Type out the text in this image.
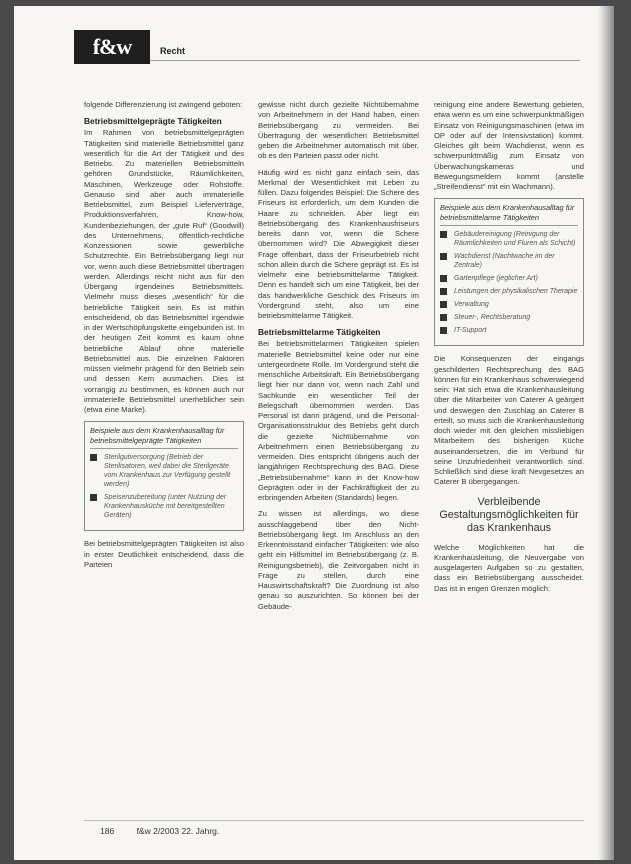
f&w	Recht

folgende Differenzierung ist zwingend geboten:

Betriebsmittelgeprägte Tätigkeiten

Im Rahmen von betriebsmittelgeprägten Tätigkeiten sind materielle Betriebsmittel ganz wesentlich für die Art der Tätigkeit und des Betriebs. Zu materiellen Betriebsmitteln gehören Grundstücke, Räumlichkeiten, Maschinen, Werkzeuge oder Rohstoffe. Genauso sind aber auch immaterielle Betriebsmittel, zum Beispiel Lieferverträge, Produktionsverfahren, Know-how, Kundenbeziehungen, der „gute Ruf“ (Goodwill) des Unternehmens, öffentlich-rechtliche Konzessionen sowie gewerbliche Schutzrechte. Ein Betriebsübergang liegt nur vor, wenn auch diese Betriebsmittel übertragen werden. Allerdings reicht nicht aus für den Übergang irgendeines Betriebsmittels. Vielmehr muss dieses „wesentlich“ für die betriebliche Tätigkeit sein. Es ist mithin entscheidend, ob das Betriebsmittel irgendwie in der Wertschöpfungskette eingebunden ist. In der heutigen Zeit kommt es kaum ohne betriebliche Ablauf ohne materielle Betriebsmittel aus. Die einzelnen Faktoren müssen vielmehr prägend für den Betrieb sein und dessen Kern ausmachen. Dies ist vorrangig zu bestimmen, es können auch nur immaterielle Betriebsmittel unerheblicher sein (etwa eine Marke).

Beispiele aus dem Krankenhausalltag für betriebsmittelgeprägte Tätigkeiten
Sterilgutversorgung (Betrieb der Sterilisatoren, weil dabei die Sterilgeräte vom Krankenhaus zur Verfügung gestellt werden)
Speisenzubereitung (unter Nutzung der Krankenhausküche mit bereitgestellten Geräten)

Bei betriebsmittelgeprägten Tätigkeiten ist also in erster Deutlichkeit entscheidend, dass die Parteien

gewisse nicht durch gezielte Nichtübernahme von Arbeitnehmern in der Hand haben, einen Betriebsübergang zu vermeiden. Bei Übertragung der wesentlichen Betriebsmittel geben die Arbeitnehmer automatisch mit über, ob es den Parteien passt oder nicht.

Häufig wird es nicht ganz einfach sein, das Merkmal der Wesentlichkeit mit Leben zu füllen. Dazu folgendes Beispiel: Die Schere des Friseurs ist erforderlich, um dem Kunden die Haare zu schneiden. Aber liegt ein Betriebsübergang des Krankenhausfriseurs bereits dann vor, wenn die Schere übernommen wird? Die Abwegigkeit dieser Frage offenbart, dass der Friseurbetrieb nicht schon allein durch die Schere geprägt ist. Es ist vielmehr eine betriebsmittelarme Tätigkeit. Denn es handelt sich um eine Tätigkeit, bei der das handwerkliche Geschick des Friseurs im Vordergrund steht, also um eine betriebsmittelarme Tätigkeit.

Betriebsmittelarme Tätigkeiten

Bei betriebsmittelarmen Tätigkeiten spielen materielle Betriebsmittel keine oder nur eine untergeordnete Rolle. Im Vordergrund steht die menschliche Arbeitskraft. Ein Betriebsübergang liegt hier nur dann vor, wenn nach Zahl und Sachkunde ein wesentlicher Teil der Belegschaft übernommen werden. Das Personal ist dann prägend, und die Personal-Organisationsstruktur des Betriebs geht durch die gezielte Nichtübernahme von Arbeitnehmern einen Betriebsübergang zu vermeiden. Dies entspricht übrigens auch der langjährigen Rechtsprechung des BAG. Diese „Betriebsübernahme“ kann in der Know-how Geprägten oder in der Fachkräftigkeit der zu erbringenden Arbeiten (Standards) liegen.

Zu wissen ist allerdings, wo diese ausschlaggebend über den Nicht-Betriebsübergang liegt. Im Anschluss an den Erkenntnisstand einfacher Tätigkeiten: wie also geht ein Hilfsmittel im Betriebsübergang (z. B. Reinigungsbetrieb), die Zeitvorgaben nicht in Frage zu stellen, durch eine Hauswirtschaftskraft? Die Zuordnung ist also genau so auszurichten. So können bei der Gebäude-

reinigung eine andere Bewertung gebieten, etwa wenn es um eine schwerpunktmäßigen Einsatz von Reinigungsmaschinen (etwa im OP oder auf der Intensivstation) kommt. Gleiches gilt beim Wachdienst, wenn es schwerpunktmäßig zum Einsatz von Überwachungskameras und Bewegungsmeldern kommt (anstelle „Streifendienst“ mit ein Wachmann).

Beispiele aus dem Krankenhausalltag für betriebsmittelarme Tätigkeiten
Gebäudereinigung (Reinigung der Räumlichkeiten und Fluren als Schicht)
Wachdienst (Nachtwache im der Zentrale)
Gartenpflege (jeglicher Art)
Leistungen der physikalischen Therapie
Verwaltung
Steuer-, Rechtsberatung
IT-Support

Die Konsequenzen der eingangs geschilderten Rechtsprechung des BAG können für ein Krankenhaus schwerwiegend sein: Hat sich etwa die Krankenhausleitung über die Mitarbeiter von Caterer A geärgert und deswegen den Zuschlag an Caterer B erteilt, so muss sich die Krankenhausleitung doch wieder mit den gleichen missliebigen Mitarbeitern des bisherigen Küche auseinandersetzen, die im Verbund für seine Unzufriedenheit verantwortlich sind. Schließlich sind diese kraft Nevgesetzes an Caterer B übergegangen.

Verbleibende Gestaltungsmöglichkeiten für das Krankenhaus

Welche Möglichkeiten hat die Krankenhausleitung, die Neuvergabe von ausgelagerten Aufgaben so zu gestalten, dass ein Betriebsübergang ausscheidet. Das ist in engen Grenzen möglich:

186	f&w 2/2003 22. Jahrg.
